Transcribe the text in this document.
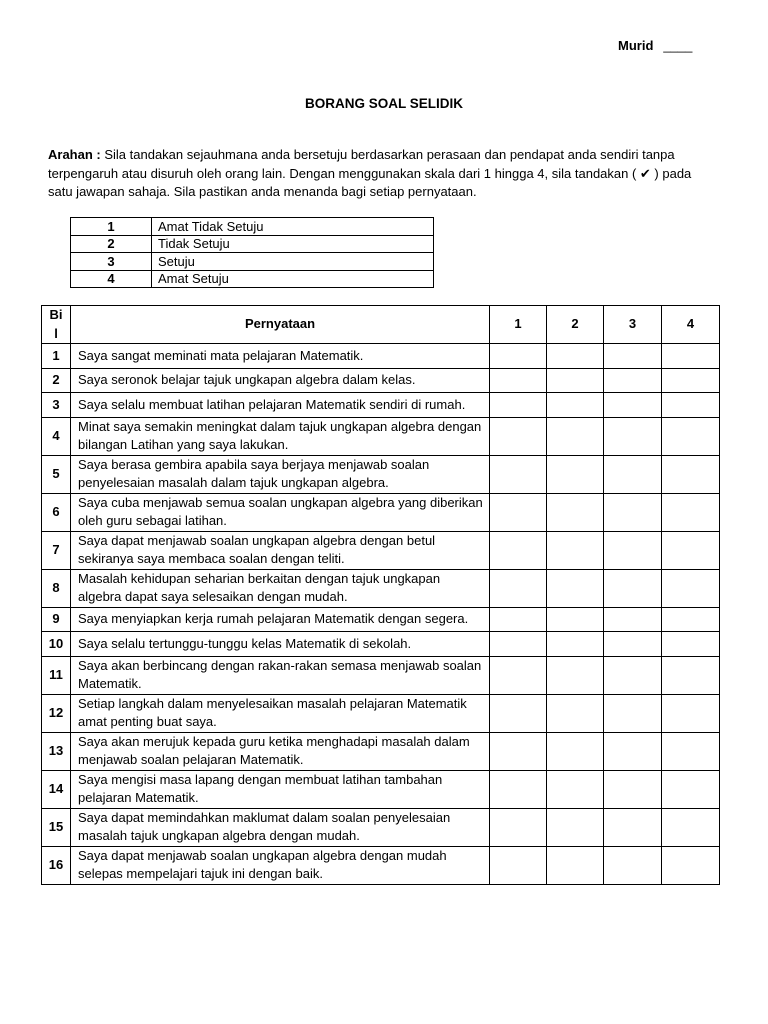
Murid ____
BORANG SOAL SELIDIK

Arahan : Sila tandakan sejauhmana anda bersetuju berdasarkan perasaan dan pendapat anda sendiri tanpa
terpengaruh atau disuruh oleh orang lain. Dengan menggunakan skala dari 1 hingga 4, sila tandakan ( ✔ ) pada
satu jawapan sahaja. Sila pastikan anda menanda bagi setiap pernyataan.

1	Amat Tidak Setuju
2	Tidak Setuju
3	Setuju
4	Amat Setuju
Bil	Pernyataan	1	2	3	4
1	Saya sangat meminati mata pelajaran Matematik.				
2	Saya seronok belajar tajuk ungkapan algebra dalam kelas.				
3	Saya selalu membuat latihan pelajaran Matematik sendiri di rumah.				
4	Minat saya semakin meningkat dalam tajuk ungkapan algebra dengan
bilangan Latihan yang saya lakukan.				
5	Saya berasa gembira apabila saya berjaya menjawab soalan
penyelesaian masalah dalam tajuk ungkapan algebra.				
6	Saya cuba menjawab semua soalan ungkapan algebra yang diberikan
oleh guru sebagai latihan.				
7	Saya dapat menjawab soalan ungkapan algebra dengan betul
sekiranya saya membaca soalan dengan teliti.				
8	Masalah kehidupan seharian berkaitan dengan tajuk ungkapan
algebra dapat saya selesaikan dengan mudah.				
9	Saya menyiapkan kerja rumah pelajaran Matematik dengan segera.				
10	Saya selalu tertunggu-tunggu kelas Matematik di sekolah.				
11	Saya akan berbincang dengan rakan-rakan semasa menjawab soalan
Matematik.				
12	Setiap langkah dalam menyelesaikan masalah pelajaran Matematik
amat penting buat saya.				
13	Saya akan merujuk kepada guru ketika menghadapi masalah dalam
menjawab soalan pelajaran Matematik.				
14	Saya mengisi masa lapang dengan membuat latihan tambahan
pelajaran Matematik.				
15	Saya dapat memindahkan maklumat dalam soalan penyelesaian
masalah tajuk ungkapan algebra dengan mudah.				
16	Saya dapat menjawab soalan ungkapan algebra dengan mudah
selepas mempelajari tajuk ini dengan baik.				
